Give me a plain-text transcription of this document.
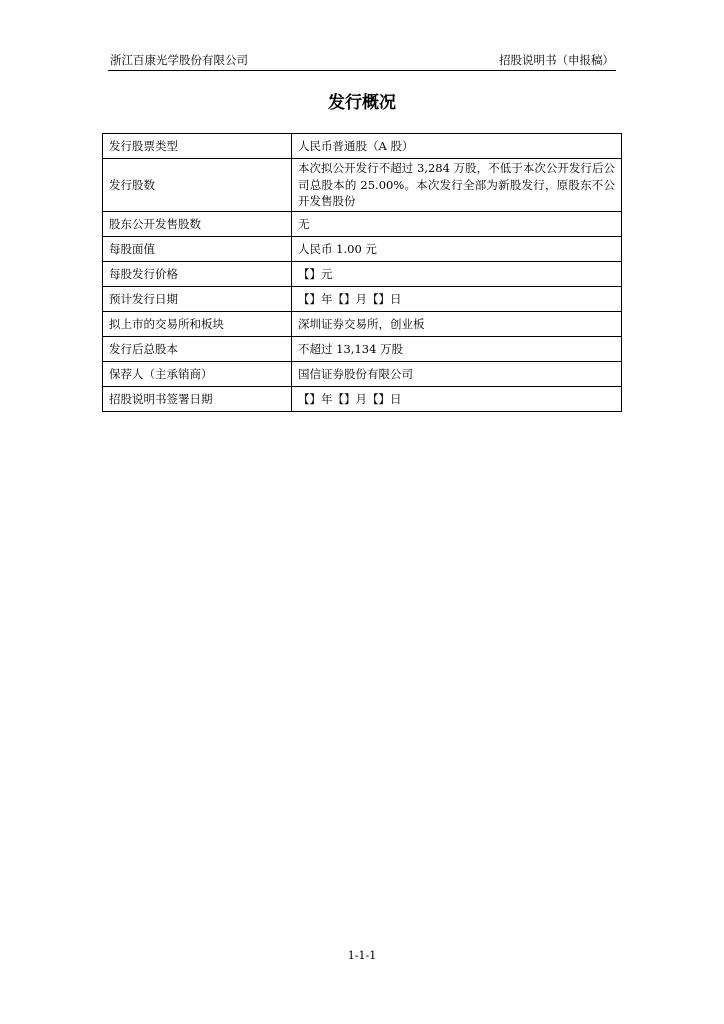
浙江百康光学股份有限公司	招股说明书（申报稿）
发行概况
发行股票类型	人民币普通股（A 股）
发行股数	本次拟公开发行不超过 3,284 万股，不低于本次公开发行后公司总股本的 25.00%。本次发行全部为新股发行，原股东不公开发售股份
股东公开发售股数	无
每股面值	人民币 1.00 元
每股发行价格	【】元
预计发行日期	【】年【】月【】日
拟上市的交易所和板块	深圳证券交易所，创业板
发行后总股本	不超过 13,134 万股
保荐人（主承销商）	国信证券股份有限公司
招股说明书签署日期	【】年【】月【】日
1-1-1
